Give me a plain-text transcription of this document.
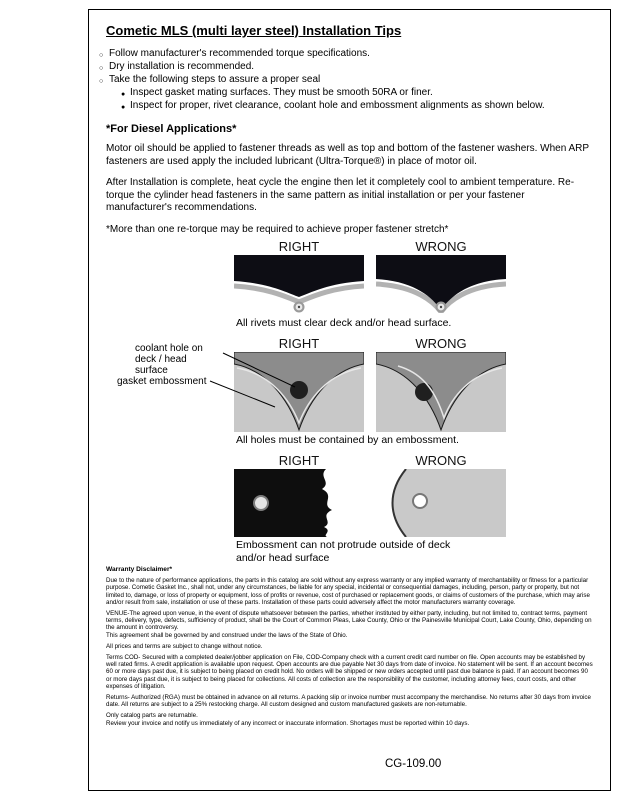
Cometic MLS (multi layer steel) Installation Tips
○ Follow manufacturer's recommended torque specifications.
○ Dry installation is recommended.
○ Take the following steps to assure a proper seal
● Inspect gasket mating surfaces. They must be smooth 50RA or finer.
● Inspect for proper, rivet clearance, coolant hole and embossment alignments as shown below.
*For Diesel Applications*

Motor oil should be applied to fastener threads as well as top and bottom of the fastener washers. When ARP fasteners are used apply the included lubricant (Ultra-Torque®) in place of motor oil.

After Installation is complete, heat cycle the engine then let it completely cool to ambient temperature. Re-torque the cylinder head fasteners in the same pattern as initial installation or per your fastener manufacturer's recommendations.

*More than one re-torque may be required to achieve proper fastener stretch*

RIGHT	WRONG
All rivets must clear deck and/or head surface.
RIGHT	WRONG
coolant hole on deck / head surface
gasket embossment
All holes must be contained by an embossment.
RIGHT	WRONG
Embossment can not protrude outside of deck and/or head surface
Warranty Disclaimer*

Due to the nature of performance applications, the parts in this catalog are sold without any express warranty or any implied warranty of merchantability or fitness for a particular purpose. Cometic Gasket Inc., shall not, under any circumstances, be liable for any special, incidental or consequential damages, including, person, party or property, but not limited to, damage, or loss of property or equipment, loss of profits or revenue, cost of purchased or replacement goods, or claims of customers of the purchase, which may arise and/or result from sale, installation or use of these parts. Installation of these parts could adversely affect the motor manufacturers warranty coverage.

VENUE-The agreed upon venue, in the event of dispute whatsoever between the parties, whether instituted by either party, including, but not limited to, contract terms, payment terms, delivery, type, defects, sufficiency of product, shall be the Court of Common Pleas, Lake County, Ohio or the Painesville Municipal Court, Lake County, Ohio, depending on the amount in controversy.

This agreement shall be governed by and construed under the laws of the State of Ohio.

All prices and terms are subject to change without notice.

Terms COD- Secured with a completed dealer/jobber application on File, COD-Company check with a current credit card number on file. Open accounts may be established by well rated firms. A credit application is available upon request. Open accounts are due payable Net 30 days from date of invoice. No statement will be sent. If an account becomes 60 or more days past due, it is subject to being placed on credit hold. No orders will be shipped or new orders accepted until past due balance is paid. If an account becomes 90 or more days past due, it is subject to being placed for collections. All costs of collection are the responsibility of the customer, including attorney fees, court costs, and other expenses of litigation.

Returns- Authorized (RGA) must be obtained in advance on all returns. A packing slip or invoice number must accompany the merchandise. No returns after 30 days from invoice date. All returns are subject to a 25% restocking charge. All custom designed and custom manufactured gaskets are non-returnable.

Only catalog parts are returnable.

Review your invoice and notify us immediately of any incorrect or inaccurate information. Shortages must be reported within 10 days.

CG-109.00
